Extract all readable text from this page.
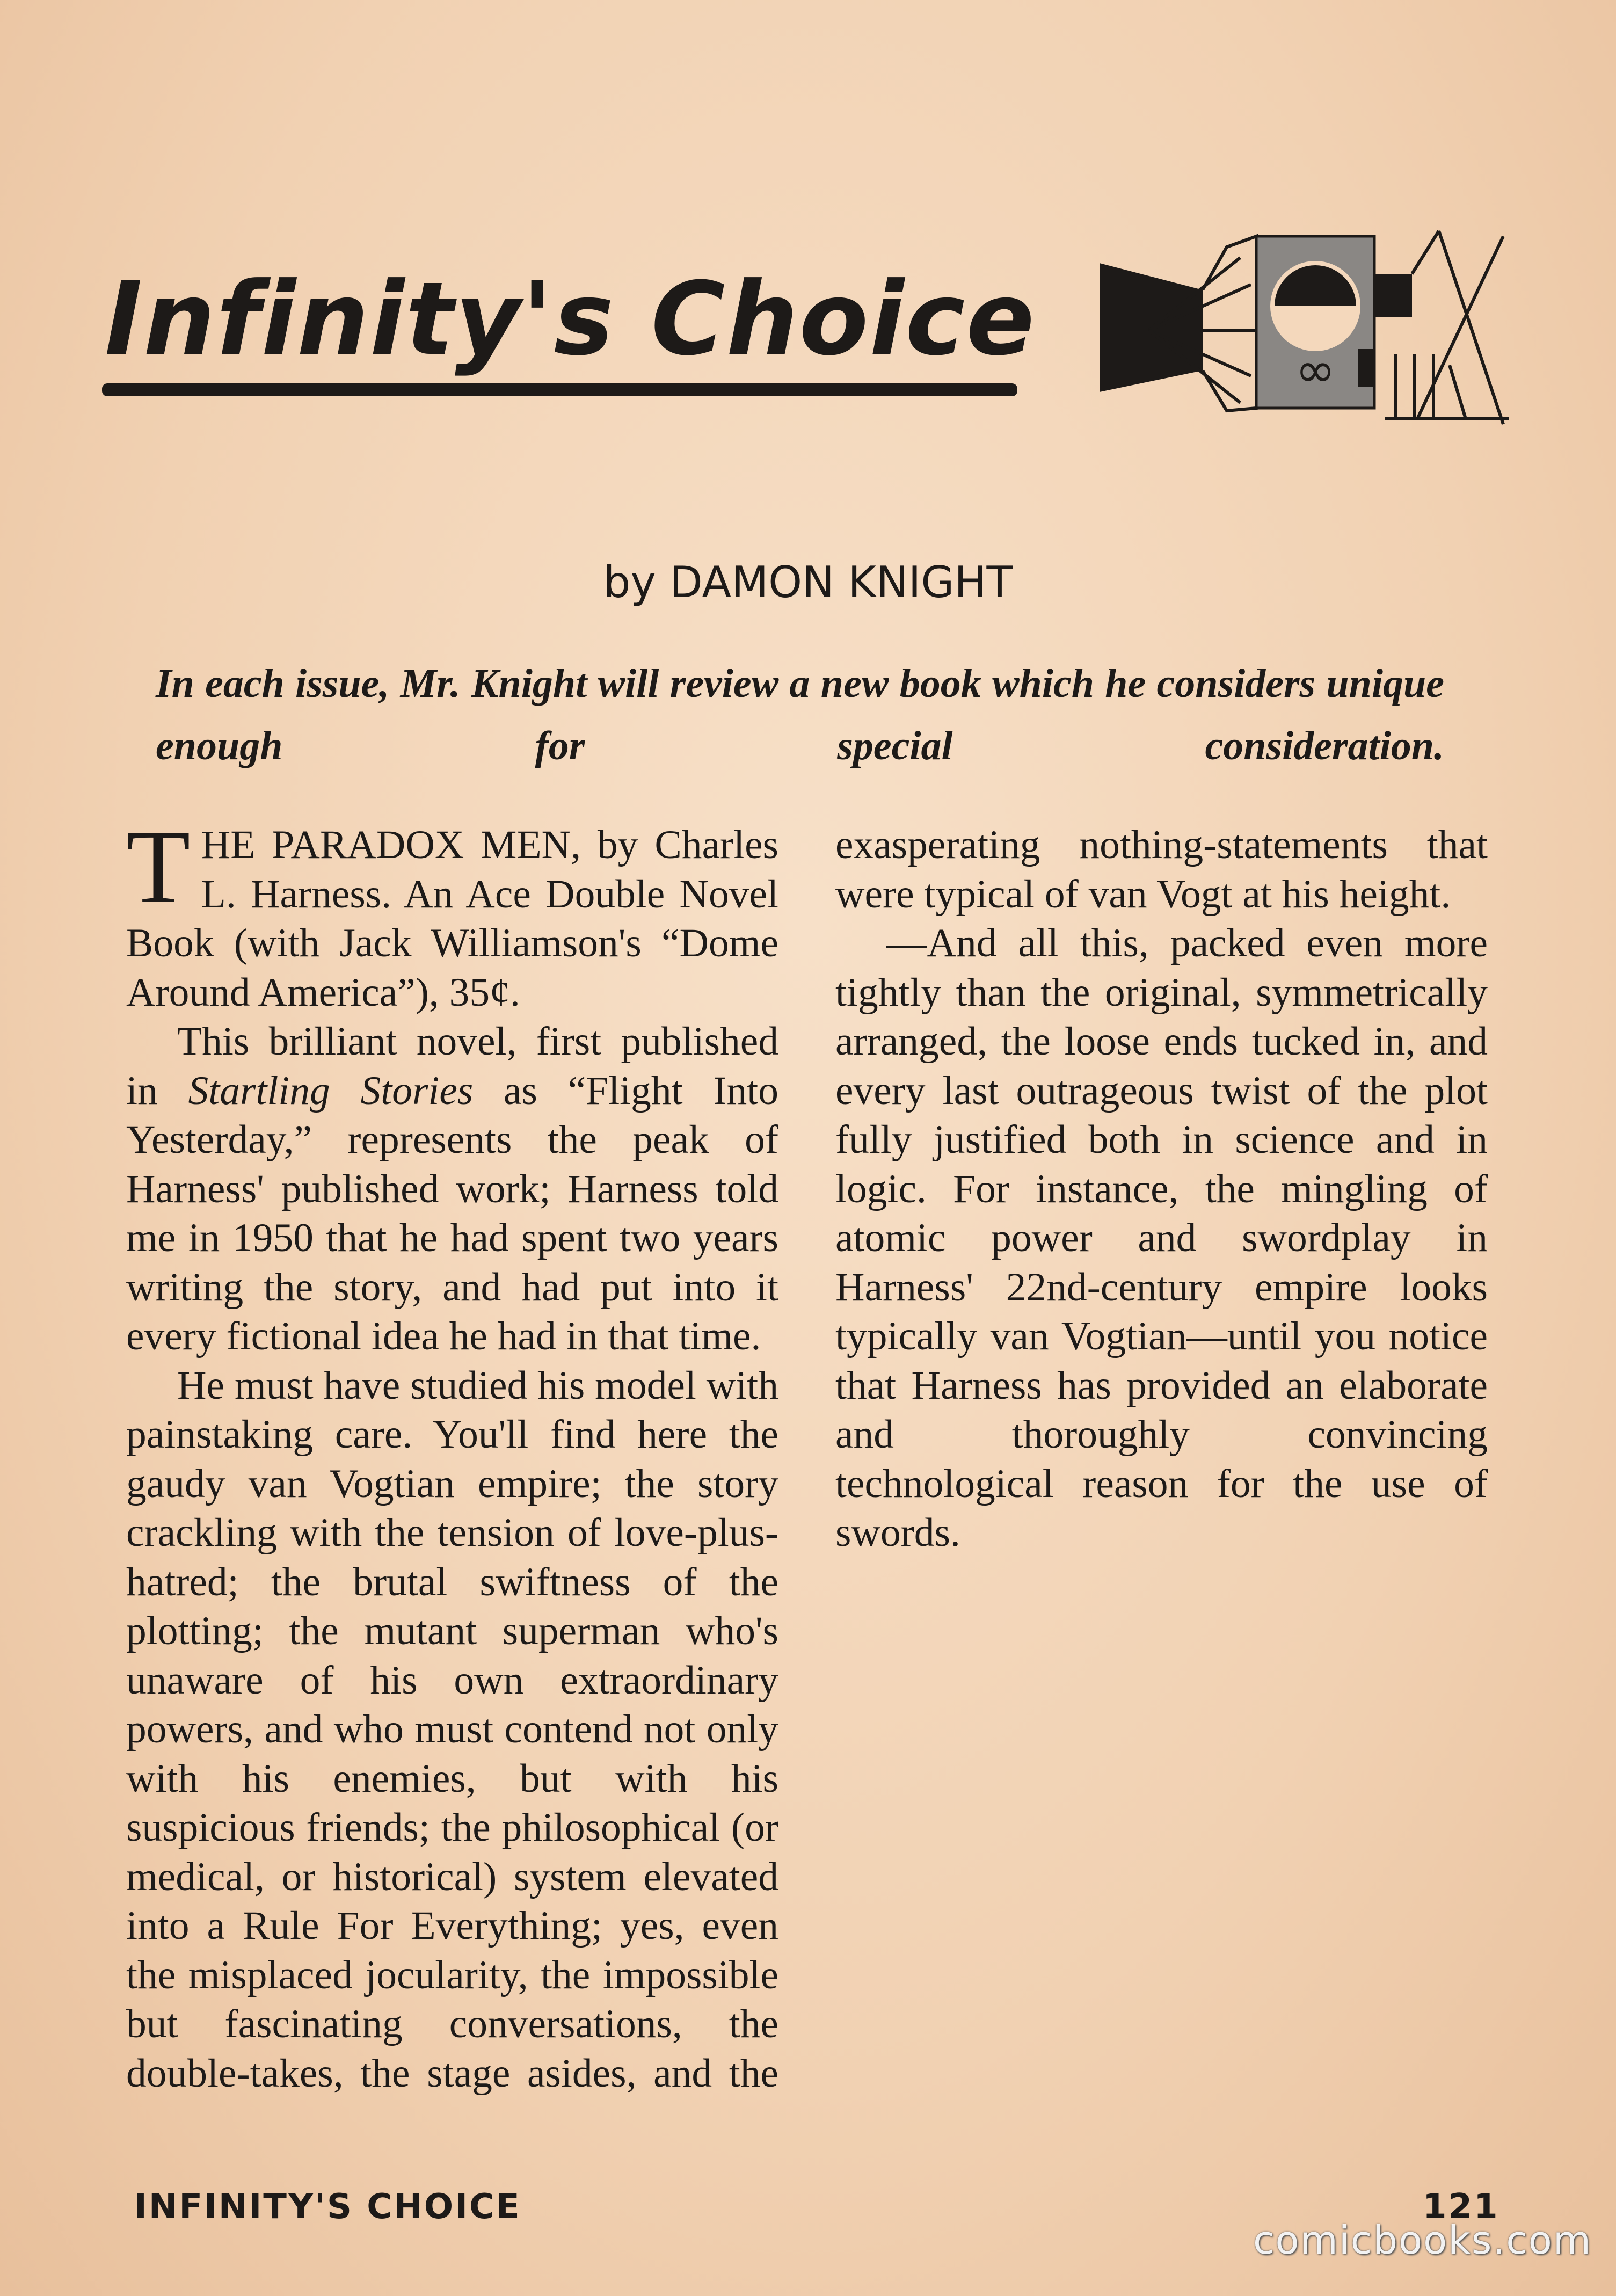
Infinity's Choice	∞

by DAMON KNIGHT

In each issue, Mr. Knight will review a new book which he considers unique enough for special consideration.

THE PARADOX MEN, by Charles L. Harness. An Ace Double Novel Book (with Jack Williamson's “Dome Around America”), 35¢.

This brilliant novel, first published in Startling Stories as “Flight Into Yesterday,” represents the peak of Harness' published work; Harness told me in 1950 that he had spent two years writing the story, and had put into it every fictional idea he had in that time.

He must have studied his model with painstaking care. You'll find here the gaudy van Vogtian empire; the story crackling with the tension of love-plus-hatred; the brutal swiftness of the plotting; the mutant superman who's unaware of his own extraordinary powers, and who must contend not only with his enemies, but with his suspicious friends; the philosophical (or medical, or historical) system elevated into a Rule For Everything; yes, even the misplaced jocularity, the impossible but fascinating conversations, the double-takes, the stage asides, and the

exasperating nothing-statements that were typical of van Vogt at his height.

—And all this, packed even more tightly than the original, symmetrically arranged, the loose ends tucked in, and every last outrageous twist of the plot fully justified both in science and in logic. For instance, the mingling of atomic power and swordplay in Harness' 22nd-century empire looks typically van Vogtian—until you notice that Harness has provided an elaborate and thoroughly convincing technological reason for the use of swords.

INFINITY'S CHOICE	121
comicbooks.com
